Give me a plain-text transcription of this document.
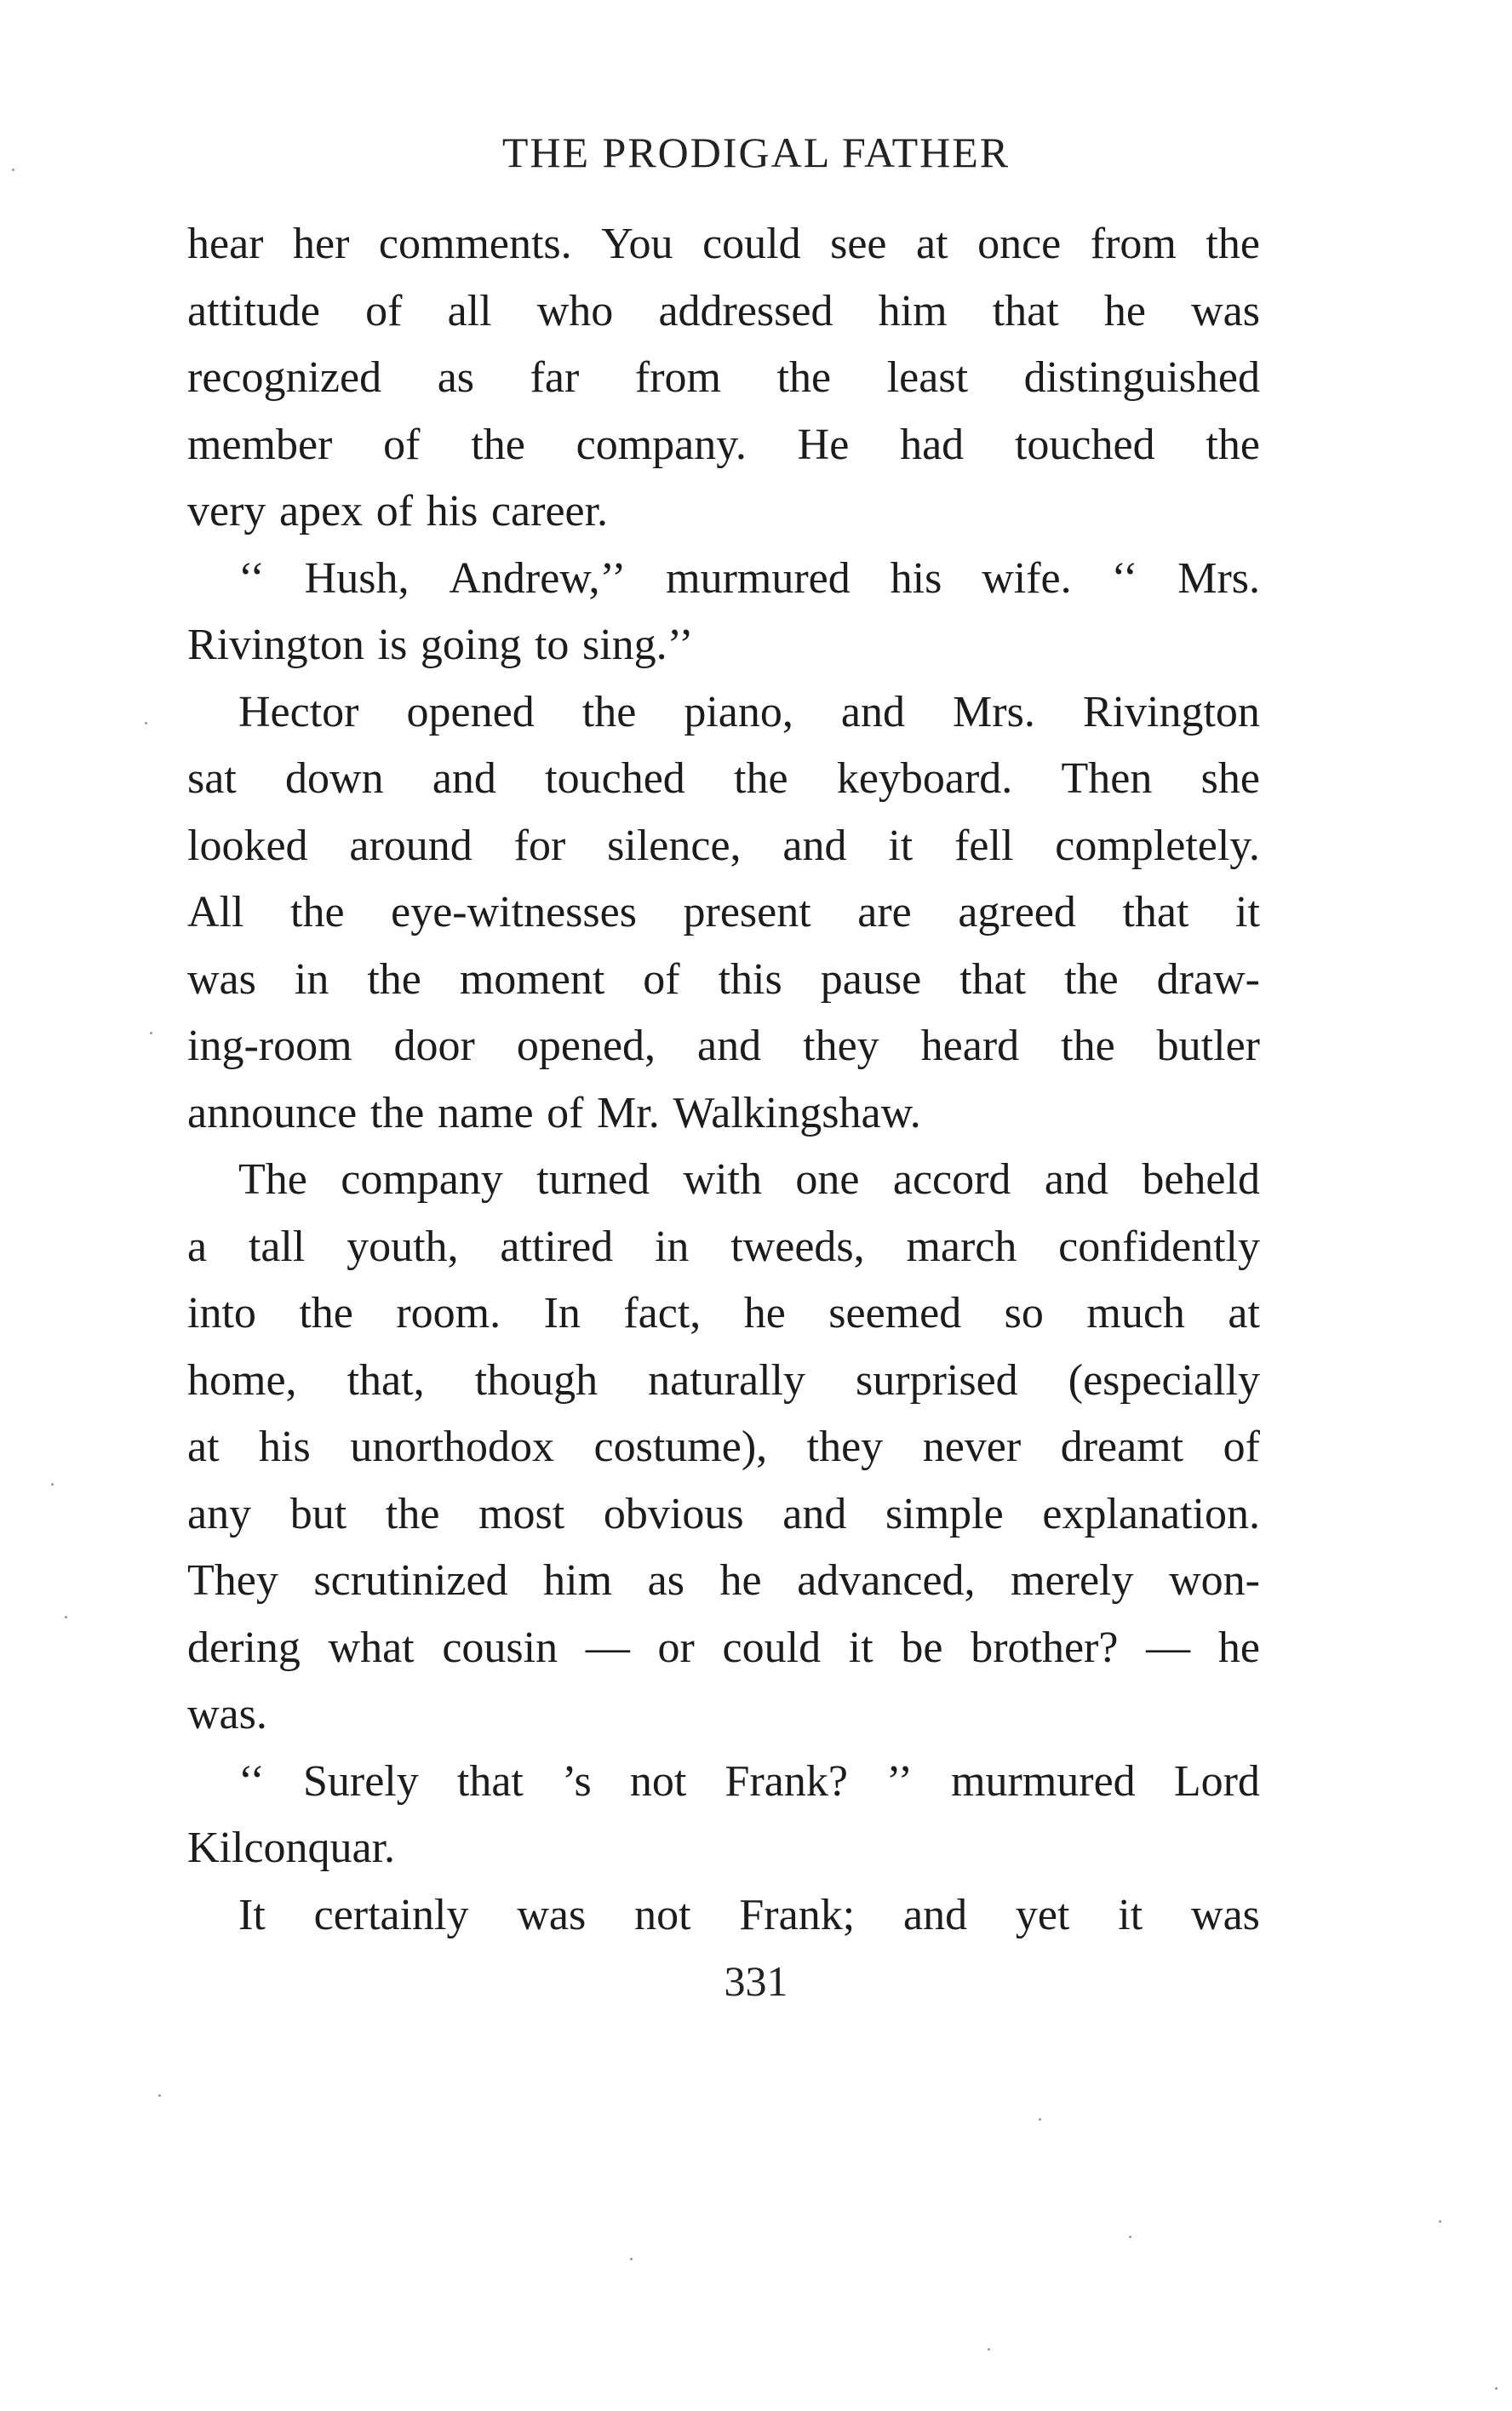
THE PRODIGAL FATHER
hear her comments. You could see at once from the
attitude of all who addressed him that he was
recognized as far from the least distinguished
member of the company. He had touched the
very apex of his career.
‘‘ Hush, Andrew,’’ murmured his wife. ‘‘ Mrs.
Rivington is going to sing.’’
Hector opened the piano, and Mrs. Rivington
sat down and touched the keyboard. Then she
looked around for silence, and it fell completely.
All the eye-witnesses present are agreed that it
was in the moment of this pause that the draw-
ing-room door opened, and they heard the butler
announce the name of Mr. Walkingshaw.
The company turned with one accord and beheld
a tall youth, attired in tweeds, march confidently
into the room. In fact, he seemed so much at
home, that, though naturally surprised (especially
at his unorthodox costume), they never dreamt of
any but the most obvious and simple explanation.
They scrutinized him as he advanced, merely won-
dering what cousin — or could it be brother? — he
was.
‘‘ Surely that ’s not Frank? ’’ murmured Lord
Kilconquar.
It certainly was not Frank; and yet it was
331
